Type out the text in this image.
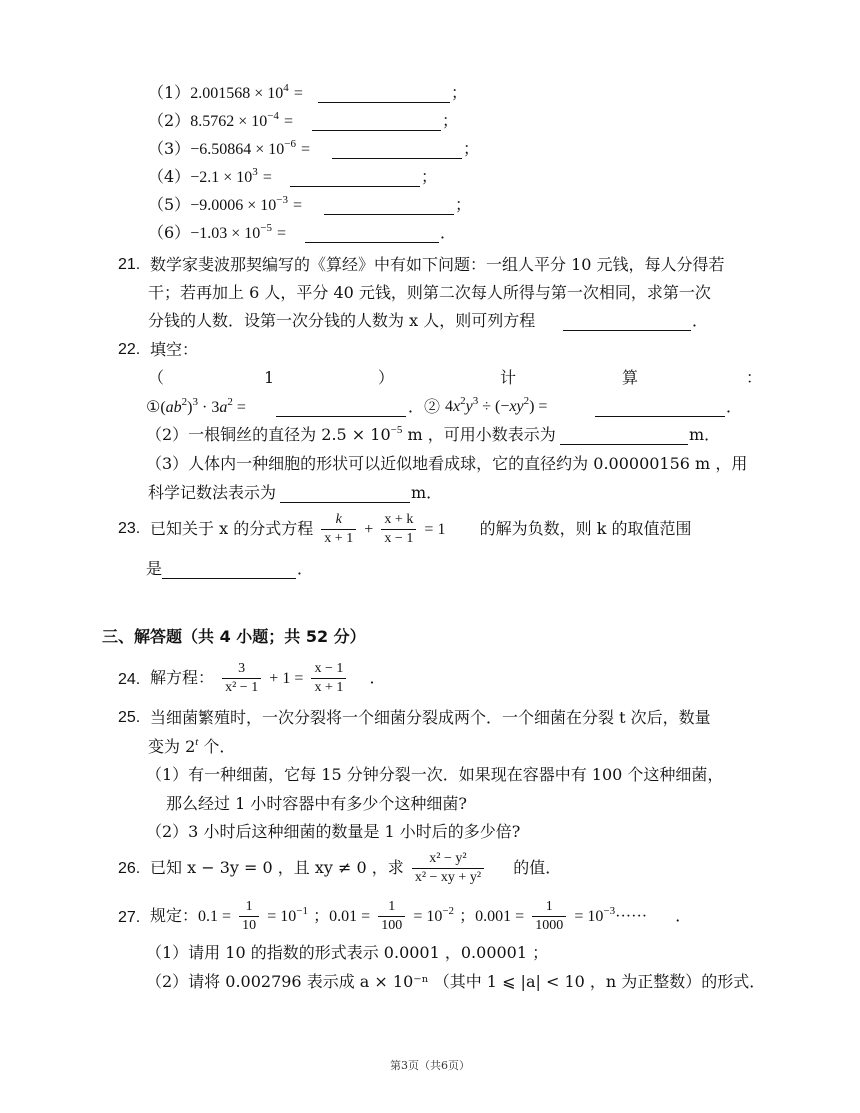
$(1)2.001568 \times 10^4$ =	；
$(2)8.5762 \times 10^{-4}$ =	；
$(3)-6.50864 \times 10^{-6}$ =	；
$(4)-2.1 \times 10^3$ =	；
$(5)-9.0006 \times 10^{-3}$ =	；
$(6)-1.03 \times 10^{-5}$ =	．
21. 数学家斐波那契编写的《算经》中有如下问题：一组人平分 10 元钱，每人分得若
干；若再加上 6 人，平分 40 元钱，则第二次每人所得与第一次相同，求第一次
分钱的人数．设第一次分钱的人数为 x 人，则可列方程	．
22. 填空：
（	1	）	计	算	：
$①(ab^2)^3 \cdot 3a^2$ =	．② $4x^2y^3 \div (-xy^2)$ =	．
（2）一根铜丝的直径为 $2.5 \times 10^{-5}$ m ，可用小数表示为	m．
（3）人体内一种细胞的形状可以近似地看成球，它的直径约为 0.00000156 m ，用
科学记数法表示为	m．
23. 已知关于 x 的分式方程 $\frac{k}{x + 1} + \frac{x + k}{x - 1} = 1$ 的解为负数，则 k 的取值范围
是	．
三、解答题（共 4 小题；共 52 分）
24. 解方程： $\frac{3}{\text{x² − 1}} + 1 = \frac{x - 1}{x + 1}$ ．
25. 当细菌繁殖时，一次分裂将一个细菌分裂成两个．一个细菌在分裂 t 次后，数量
变为 2$^t$ 个．
（1）有一种细菌，它每 15 分钟分裂一次．如果现在容器中有 100 个这种细菌，
那么经过 1 小时容器中有多少个这种细菌?
（2）3 小时后这种细菌的数量是 1 小时后的多少倍?
26. 已知 x − 3y = 0 ，且 xy ≠ 0 ，求 $\frac{\text{x² − y²}}{\text{x² − xy + y²}}$ 的值．
27. 规定：$0.1 = \frac{1}{10} = 10^{-1}$ ；$0.01 = \frac{1}{100} = 10^{-2}$ ；$0.001 = \frac{1}{1000} = 10^{-3}\cdot\cdot\cdot\cdot\cdot\cdot$ ．
（1）请用 10 的指数的形式表示 0.0001 ，0.00001 ；
（2）请将 0.002796 表示成 a × 10⁻ⁿ （其中 1 ⩽ |a| < 10 ，n 为正整数）的形式．
第3页（共6页）
